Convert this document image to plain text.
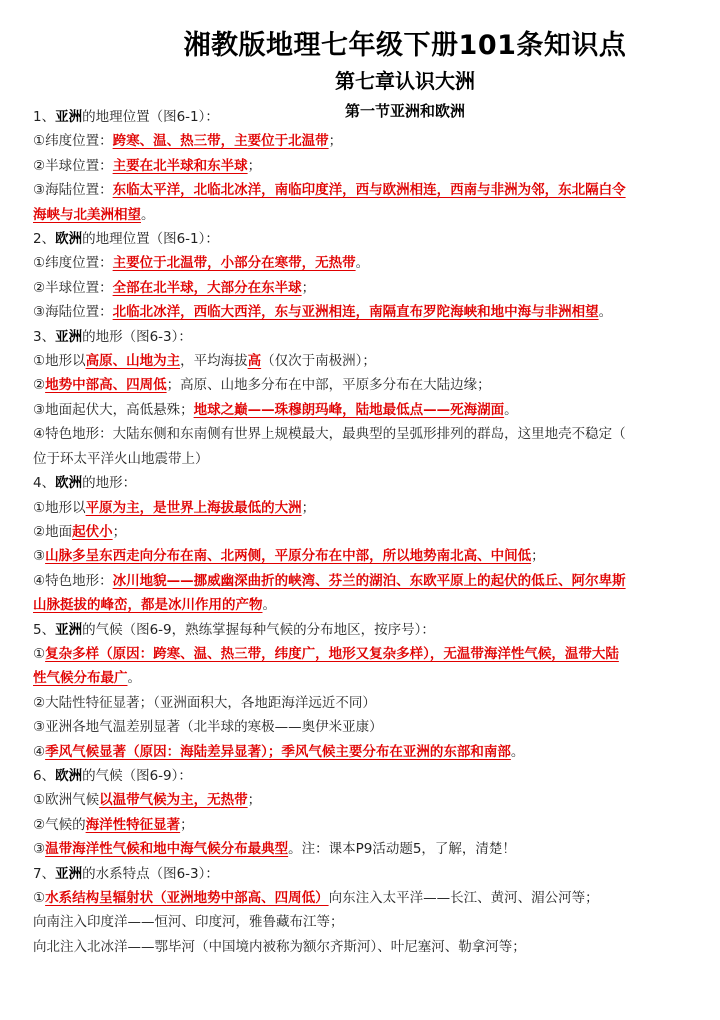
湘教版地理七年级下册101条知识点
第七章认识大洲
第一节亚洲和欧洲
1、亚洲的地理位置（图6-1）：
①纬度位置：跨寒、温、热三带，主要位于北温带；
②半球位置：主要在北半球和东半球；
③海陆位置：东临太平洋，北临北冰洋，南临印度洋，西与欧洲相连，西南与非洲为邻，东北隔白令
海峡与北美洲相望。
2、欧洲的地理位置（图6-1）：
①纬度位置：主要位于北温带，小部分在寒带，无热带。
②半球位置：全部在北半球，大部分在东半球；
③海陆位置：北临北冰洋，西临大西洋，东与亚洲相连，南隔直布罗陀海峡和地中海与非洲相望。
3、亚洲的地形（图6-3）：
①地形以高原、山地为主，平均海拔高（仅次于南极洲）；
②地势中部高、四周低；高原、山地多分布在中部，平原多分布在大陆边缘；
③地面起伏大，高低悬殊；地球之巅——珠穆朗玛峰，陆地最低点——死海湖面。
④特色地形：大陆东侧和东南侧有世界上规模最大，最典型的呈弧形排列的群岛，这里地壳不稳定（
位于环太平洋火山地震带上）
4、欧洲的地形：
①地形以平原为主，是世界上海拔最低的大洲；
②地面起伏小；
③山脉多呈东西走向分布在南、北两侧，平原分布在中部，所以地势南北高、中间低；
④特色地形：冰川地貌——挪威幽深曲折的峡湾、芬兰的湖泊、东欧平原上的起伏的低丘、阿尔卑斯
山脉挺拔的峰峦，都是冰川作用的产物。
5、亚洲的气候（图6-9，熟练掌握每种气候的分布地区，按序号）：
①复杂多样（原因：跨寒、温、热三带，纬度广，地形又复杂多样），无温带海洋性气候，温带大陆
性气候分布最广。
②大陆性特征显著；（亚洲面积大，各地距海洋远近不同）
③亚洲各地气温差别显著（北半球的寒极——奥伊米亚康）
④季风气候显著（原因：海陆差异显著）；季风气候主要分布在亚洲的东部和南部。
6、欧洲的气候（图6-9）：
①欧洲气候以温带气候为主，无热带；
②气候的海洋性特征显著；
③温带海洋性气候和地中海气候分布最典型。注：课本P9活动题5，了解，清楚！
7、亚洲的水系特点（图6-3）：
①水系结构呈辐射状（亚洲地势中部高、四周低）向东注入太平洋——长江、黄河、湄公河等；
向南注入印度洋——恒河、印度河，雅鲁藏布江等；
向北注入北冰洋——鄂毕河（中国境内被称为额尔齐斯河）、叶尼塞河、勒拿河等；
